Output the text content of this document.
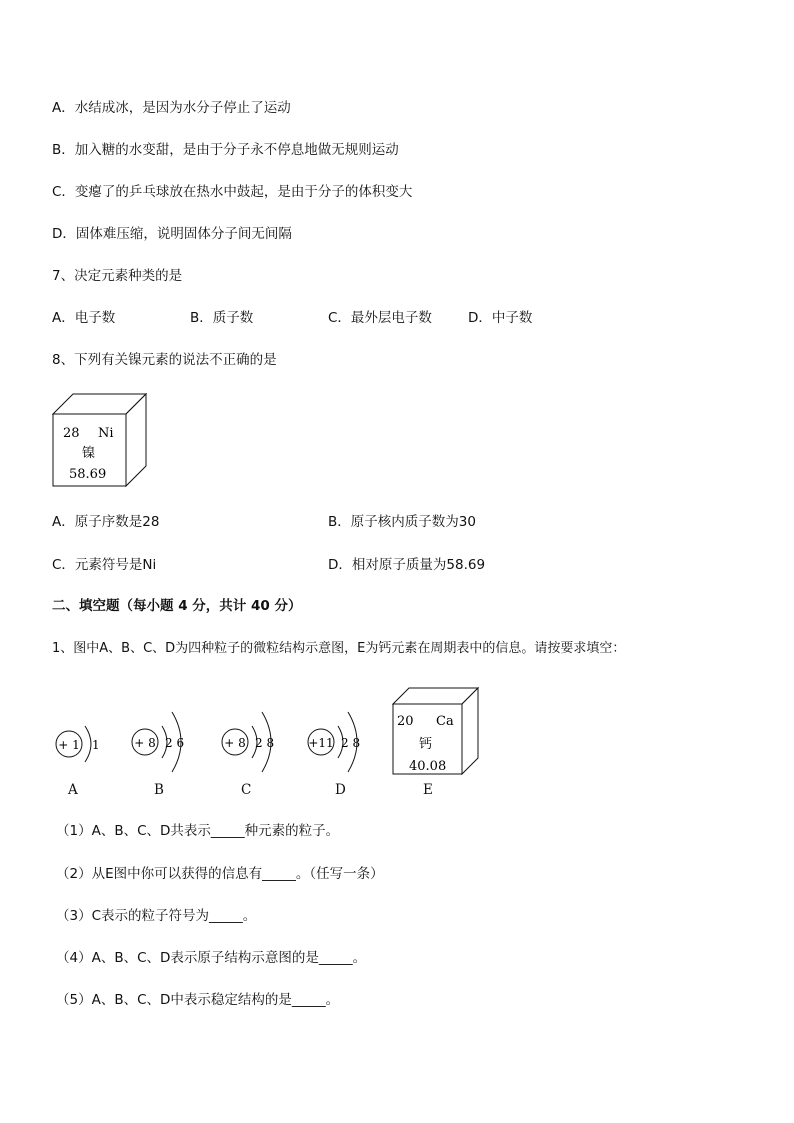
A．水结成冰，是因为水分子停止了运动

B．加入糖的水变甜，是由于分子永不停息地做无规则运动

C．变瘪了的乒乓球放在热水中鼓起，是由于分子的体积变大

D．固体难压缩，说明固体分子间无间隔

7、决定元素种类的是

A．电子数	B．质子数	C．最外层电子数	D．中子数

8、下列有关镍元素的说法不正确的是

28 Ni
镍
58.69
A．原子序数是28	B．原子核内质子数为30
C．元素符号是Ni	D．相对原子质量为58.69

二、填空题（每小题 4 分，共计 40 分）

1、图中A、B、C、D为四种粒子的微粒结构示意图，E为钙元素在周期表中的信息。请按要求填空：

+ 1 1
A
+ 8 2 6
B
+ 8 2 8
C
+11 2 8
D
20 Ca
钙
40.08
E

（1）A、B、C、D共表示_____种元素的粒子。

（2）从E图中你可以获得的信息有_____。（任写一条）

（3）C表示的粒子符号为_____。

（4）A、B、C、D表示原子结构示意图的是_____。

（5）A、B、C、D中表示稳定结构的是_____。
